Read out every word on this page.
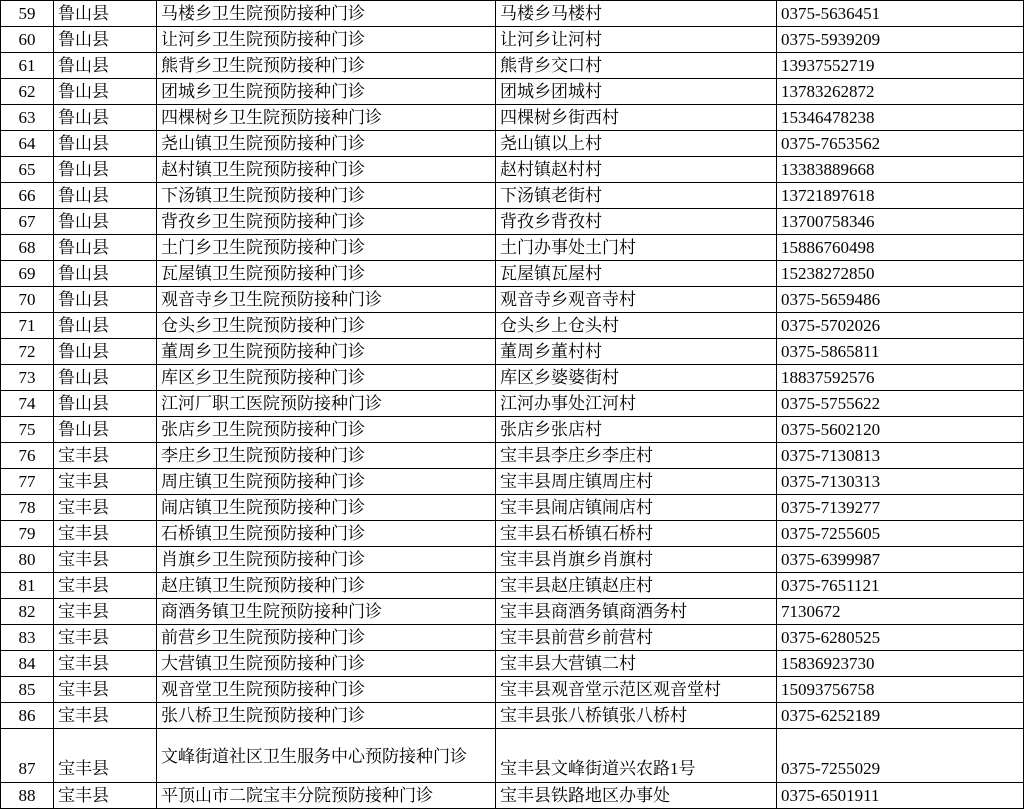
59	鲁山县	马楼乡卫生院预防接种门诊	马楼乡马楼村	0375-5636451
60	鲁山县	让河乡卫生院预防接种门诊	让河乡让河村	0375-5939209
61	鲁山县	熊背乡卫生院预防接种门诊	熊背乡交口村	13937552719
62	鲁山县	团城乡卫生院预防接种门诊	团城乡团城村	13783262872
63	鲁山县	四棵树乡卫生院预防接种门诊	四棵树乡街西村	15346478238
64	鲁山县	尧山镇卫生院预防接种门诊	尧山镇以上村	0375-7653562
65	鲁山县	赵村镇卫生院预防接种门诊	赵村镇赵村村	13383889668
66	鲁山县	下汤镇卫生院预防接种门诊	下汤镇老街村	13721897618
67	鲁山县	背孜乡卫生院预防接种门诊	背孜乡背孜村	13700758346
68	鲁山县	土门乡卫生院预防接种门诊	土门办事处土门村	15886760498
69	鲁山县	瓦屋镇卫生院预防接种门诊	瓦屋镇瓦屋村	15238272850
70	鲁山县	观音寺乡卫生院预防接种门诊	观音寺乡观音寺村	0375-5659486
71	鲁山县	仓头乡卫生院预防接种门诊	仓头乡上仓头村	0375-5702026
72	鲁山县	董周乡卫生院预防接种门诊	董周乡董村村	0375-5865811
73	鲁山县	库区乡卫生院预防接种门诊	库区乡婆婆街村	18837592576
74	鲁山县	江河厂职工医院预防接种门诊	江河办事处江河村	0375-5755622
75	鲁山县	张店乡卫生院预防接种门诊	张店乡张店村	0375-5602120
76	宝丰县	李庄乡卫生院预防接种门诊	宝丰县李庄乡李庄村	0375-7130813
77	宝丰县	周庄镇卫生院预防接种门诊	宝丰县周庄镇周庄村	0375-7130313
78	宝丰县	闹店镇卫生院预防接种门诊	宝丰县闹店镇闹店村	0375-7139277
79	宝丰县	石桥镇卫生院预防接种门诊	宝丰县石桥镇石桥村	0375-7255605
80	宝丰县	肖旗乡卫生院预防接种门诊	宝丰县肖旗乡肖旗村	0375-6399987
81	宝丰县	赵庄镇卫生院预防接种门诊	宝丰县赵庄镇赵庄村	0375-7651121
82	宝丰县	商酒务镇卫生院预防接种门诊	宝丰县商酒务镇商酒务村	7130672
83	宝丰县	前营乡卫生院预防接种门诊	宝丰县前营乡前营村	0375-6280525
84	宝丰县	大营镇卫生院预防接种门诊	宝丰县大营镇二村	15836923730
85	宝丰县	观音堂卫生院预防接种门诊	宝丰县观音堂示范区观音堂村	15093756758
86	宝丰县	张八桥卫生院预防接种门诊	宝丰县张八桥镇张八桥村	0375-6252189
87	宝丰县	文峰街道社区卫生服务中心预防接种门诊	宝丰县文峰街道兴农路1号	0375-7255029
88	宝丰县	平顶山市二院宝丰分院预防接种门诊	宝丰县铁路地区办事处	0375-6501911
